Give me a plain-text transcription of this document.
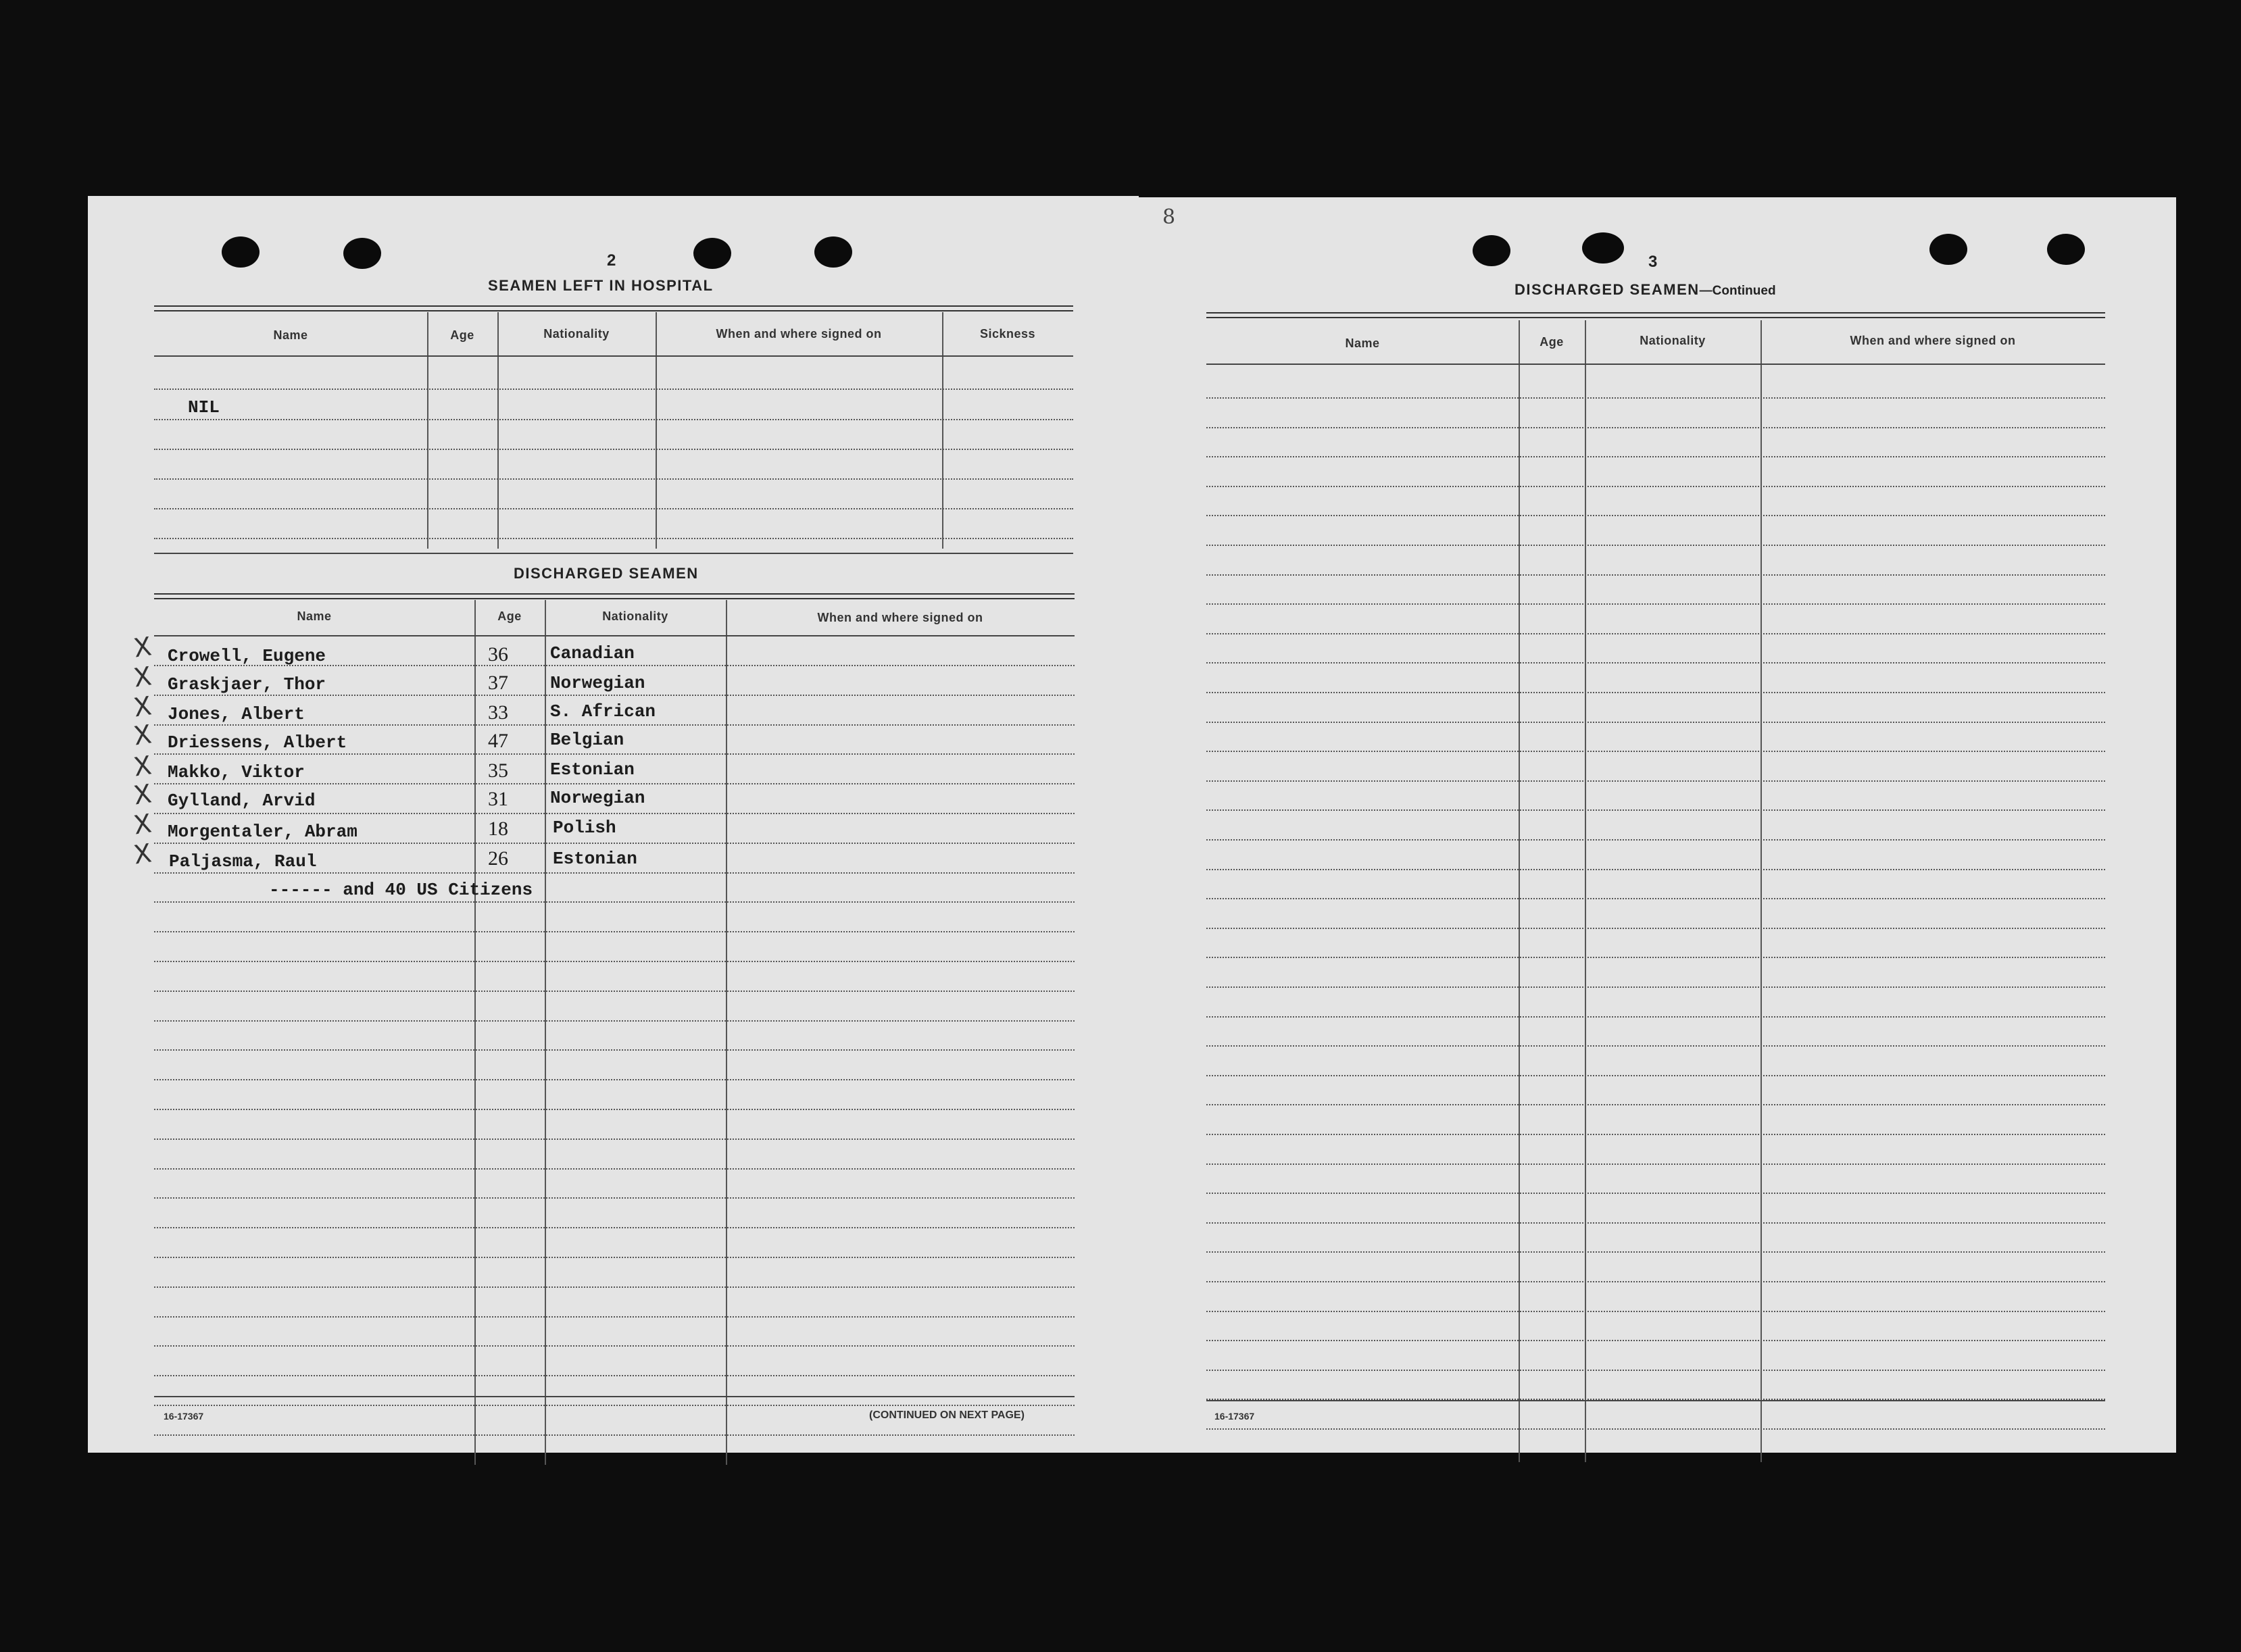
2
SEAMEN LEFT IN HOSPITAL
Name	Age	Nationality	When and where signed on	Sickness
NIL
DISCHARGED SEAMEN
Name	Age	Nationality	When and where signed on
X Crowell, Eugene	36 Canadian
X Graskjaer, Thor	37 Norwegian
X Jones, Albert	33 S. African
X Driessens, Albert	47 Belgian
X Makko, Viktor	35 Estonian
X Gylland, Arvid	31 Norwegian
X Morgentaler, Abram	18	Polish
X Paljasma, Raul	26	Estonian
------ and 40 US Citizens
16-17367	(CONTINUED ON NEXT PAGE)
8
3
DISCHARGED SEAMEN—Continued
Name	Age	Nationality	When and where signed on
16-17367
